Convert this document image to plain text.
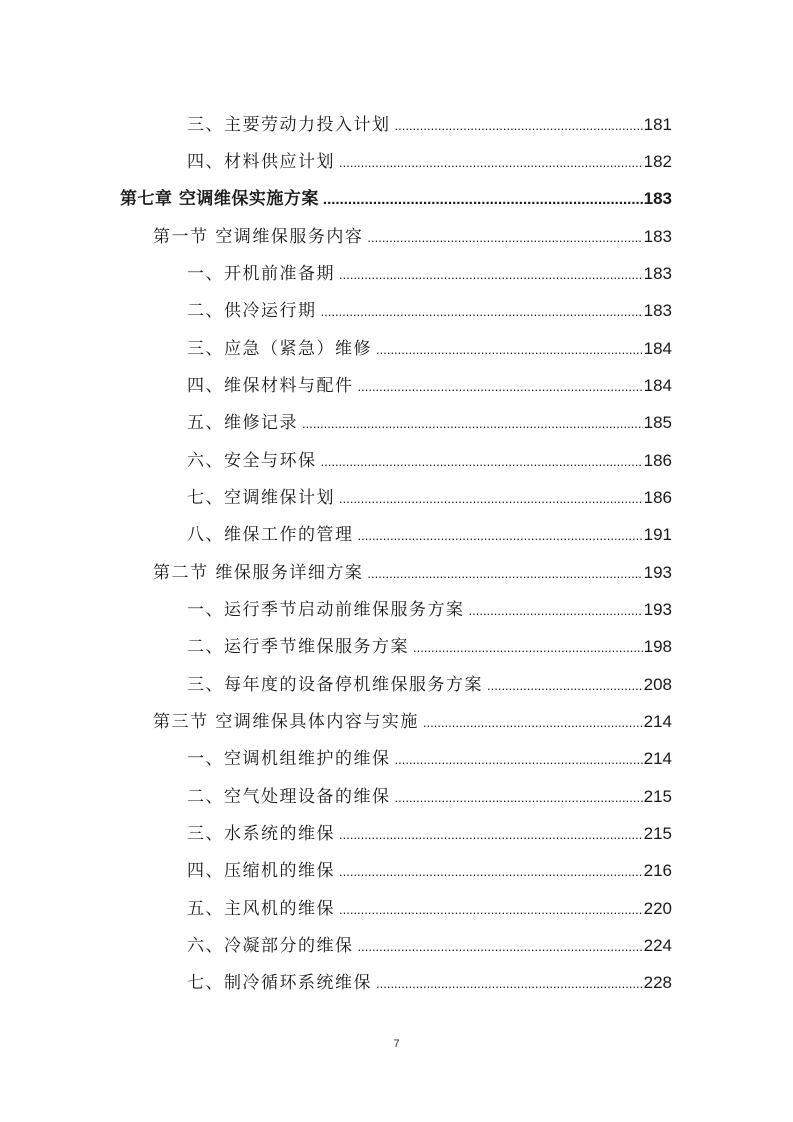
三、主要劳动力投入计划 .....	181
四、材料供应计划 .....	182
第七章 空调维保实施方案 .....	183
第一节 空调维保服务内容 .....	183
一、开机前准备期 .....	183
二、供冷运行期 .....	183
三、应急（紧急）维修 .....	184
四、维保材料与配件 .....	184
五、维修记录 .....	185
六、安全与环保 .....	186
七、空调维保计划 .....	186
八、维保工作的管理 .....	191
第二节 维保服务详细方案 .....	193
一、运行季节启动前维保服务方案 .....	193
二、运行季节维保服务方案 .....	198
三、每年度的设备停机维保服务方案 .....	208
第三节 空调维保具体内容与实施 .....	214
一、空调机组维护的维保 .....	214
二、空气处理设备的维保 .....	215
三、水系统的维保 .....	215
四、压缩机的维保 .....	216
五、主风机的维保 .....	220
六、冷凝部分的维保 .....	224
七、制冷循环系统维保 .....	228
7
